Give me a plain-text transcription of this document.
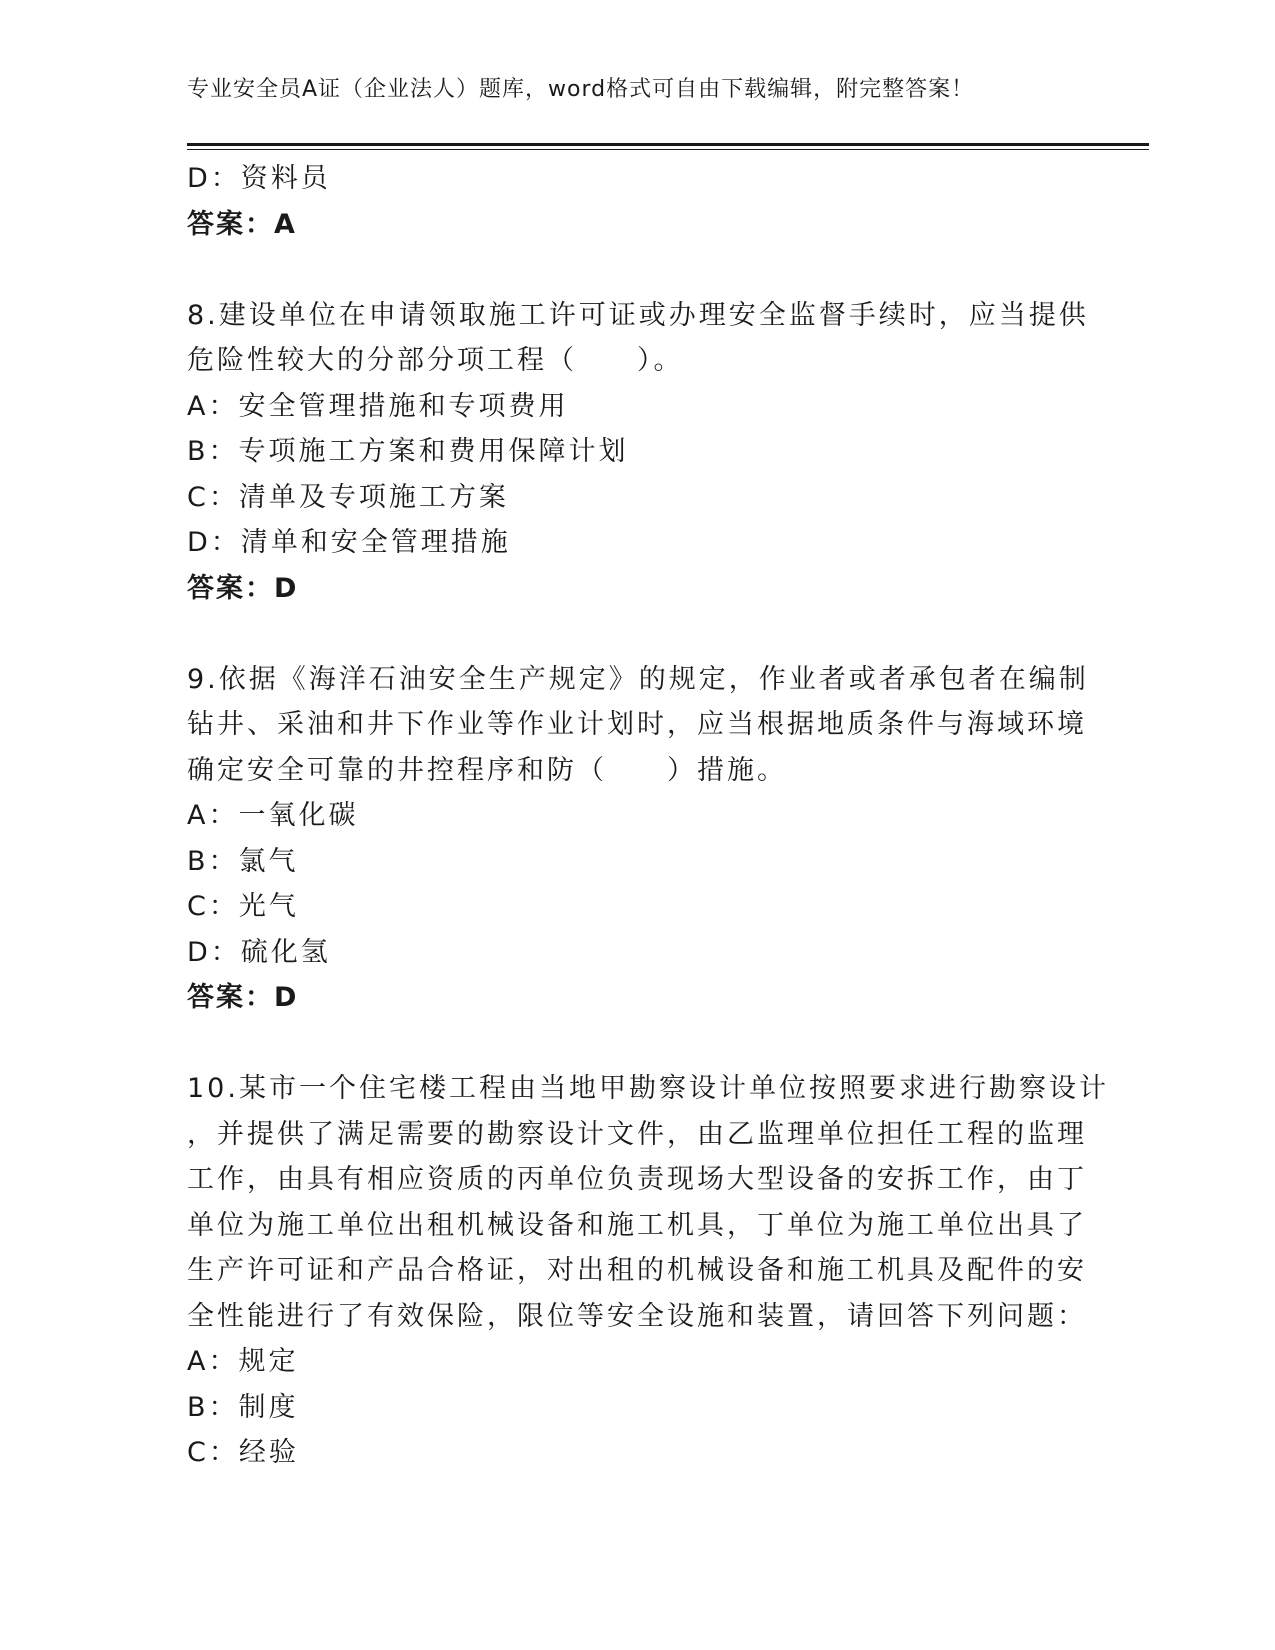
专业安全员A证（企业法人）题库，word格式可自由下载编辑，附完整答案！
D：资料员
答案：A
8.建设单位在申请领取施工许可证或办理安全监督手续时，应当提供
危险性较大的分部分项工程（　　）。
A：安全管理措施和专项费用
B：专项施工方案和费用保障计划
C：清单及专项施工方案
D：清单和安全管理措施
答案：D
9.依据《海洋石油安全生产规定》的规定，作业者或者承包者在编制
钻井、采油和井下作业等作业计划时，应当根据地质条件与海域环境
确定安全可靠的井控程序和防（　　）措施。
A：一氧化碳
B：氯气
C：光气
D：硫化氢
答案：D
10.某市一个住宅楼工程由当地甲勘察设计单位按照要求进行勘察设计
，并提供了满足需要的勘察设计文件，由乙监理单位担任工程的监理
工作，由具有相应资质的丙单位负责现场大型设备的安拆工作，由丁
单位为施工单位出租机械设备和施工机具，丁单位为施工单位出具了
生产许可证和产品合格证，对出租的机械设备和施工机具及配件的安
全性能进行了有效保险，限位等安全设施和装置，请回答下列问题：
A：规定
B：制度
C：经验
